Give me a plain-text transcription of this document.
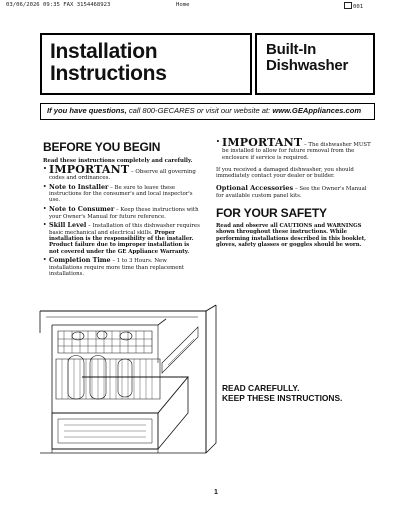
03/06/2026 09:35 FAX 3154468923	Home	001
Installation
Instructions
Built-In
Dishwasher
If you have questions, call 800-GECARES or visit our website at: www.GEAppliances.com
BEFORE YOU BEGIN

Read these instructions completely and carefully.

· IMPORTANT – Observe all governing codes and ordinances.
• Note to Installer – Be sure to leave these instructions for the consumer's and local inspector's use.
• Note to Consumer – Keep these instructions with your Owner's Manual for future reference.
• Skill Level – Installation of this dishwasher requires basic mechanical and electrical skills. Proper installation is the responsibility of the installer. Product failure due to improper installation is not covered under the GE Appliance Warranty.
• Completion Time – 1 to 3 Hours. New installations require more time than replacement installations.
· IMPORTANT – The dishwasher MUST be installed to allow for future removal from the enclosure if service is required.

If you received a damaged dishwasher, you should immediately contact your dealer or builder.

Optional Accessories – See the Owner's Manual for available custom panel kits.

FOR YOUR SAFETY

Read and observe all CAUTIONS and WARNINGS shown throughout these instructions. While performing installations described in this booklet, gloves, safety glasses or goggles should be worn.

READ CAREFULLY.
KEEP THESE INSTRUCTIONS.
1
